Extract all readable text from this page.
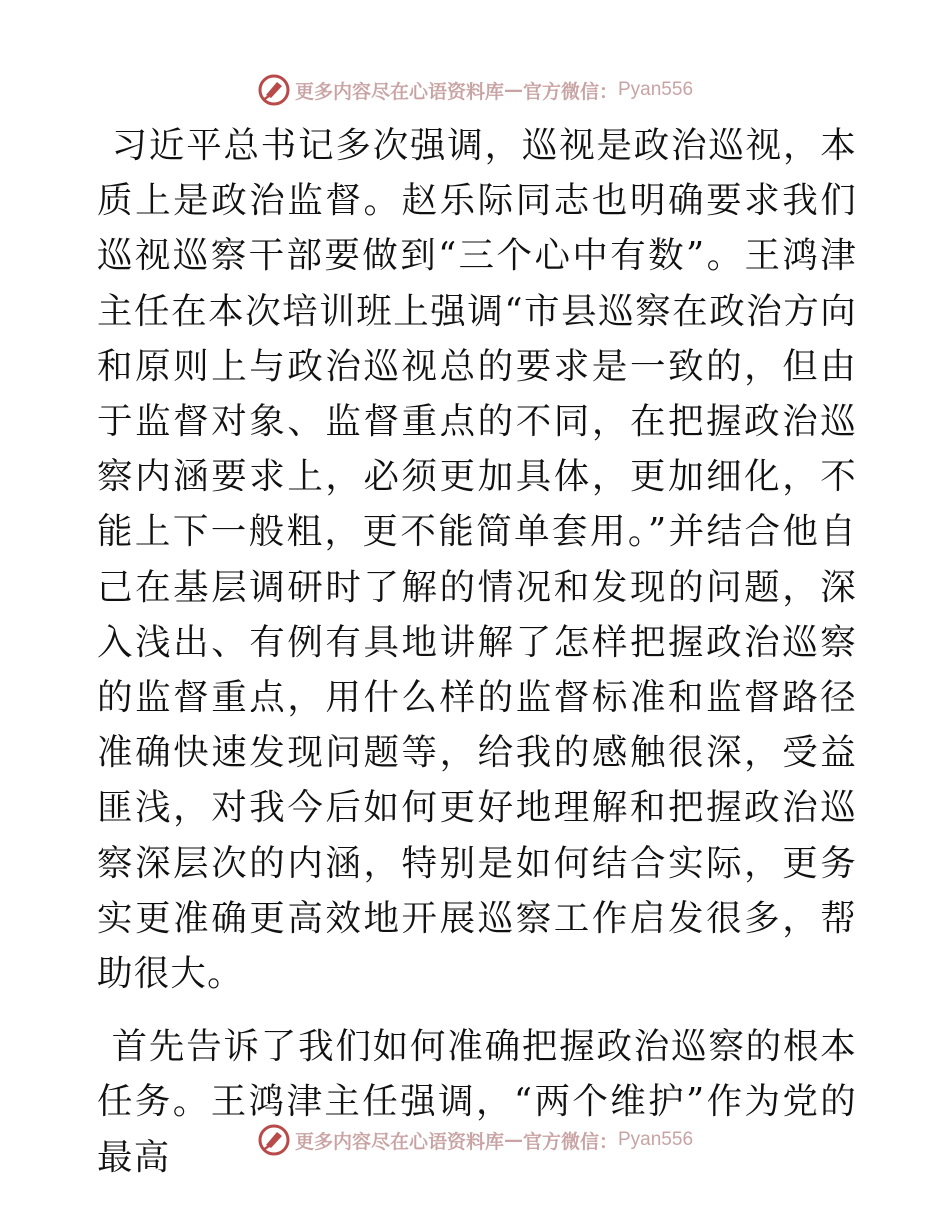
更多内容尽在心语资料库 — 官方微信： Pyan556

习近平总书记多次强调，巡视是政治巡视，本质上是政治监督。赵乐际同志也明确要求我们巡视巡察干部要做到“三个心中有数”。王鸿津主任在本次培训班上强调“市县巡察在政治方向和原则上与政治巡视总的要求是一致的，但由于监督对象、监督重点的不同，在把握政治巡察内涵要求上，必须更加具体，更加细化，不能上下一般粗，更不能简单套用。”并结合他自己在基层调研时了解的情况和发现的问题，深入浅出、有例有具地讲解了怎样把握政治巡察的监督重点，用什么样的监督标准和监督路径准确快速发现问题等，给我的感触很深，受益匪浅，对我今后如何更好地理解和把握政治巡察深层次的内涵，特别是如何结合实际，更务实更准确更高效地开展巡察工作启发很多，帮助很大。

首先告诉了我们如何准确把握政治巡察的根本任务。王鸿津主任强调，“两个维护”作为党的最高	更多内容尽在心语资料库 — 官方微信： Pyan556
